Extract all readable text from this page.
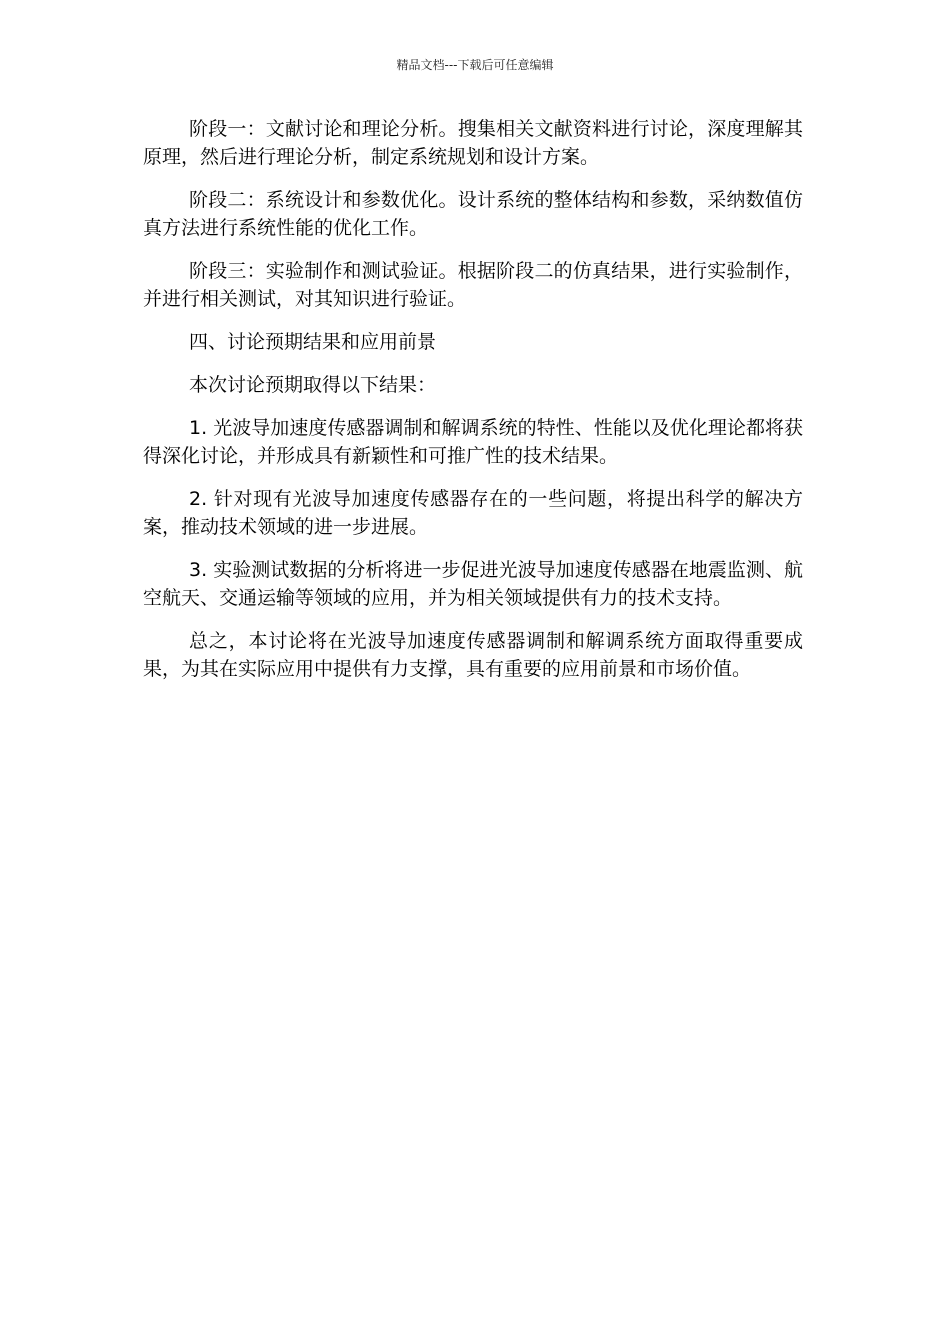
精品文档---下载后可任意编辑

阶段一：文献讨论和理论分析。搜集相关文献资料进行讨论，深度理解其原理，然后进行理论分析，制定系统规划和设计方案。

阶段二：系统设计和参数优化。设计系统的整体结构和参数，采纳数值仿真方法进行系统性能的优化工作。

阶段三：实验制作和测试验证。根据阶段二的仿真结果，进行实验制作，并进行相关测试，对其知识进行验证。

四、讨论预期结果和应用前景

本次讨论预期取得以下结果：

1. 光波导加速度传感器调制和解调系统的特性、性能以及优化理论都将获得深化讨论，并形成具有新颖性和可推广性的技术结果。

2. 针对现有光波导加速度传感器存在的一些问题，将提出科学的解决方案，推动技术领域的进一步进展。

3. 实验测试数据的分析将进一步促进光波导加速度传感器在地震监测、航空航天、交通运输等领域的应用，并为相关领域提供有力的技术支持。

总之，本讨论将在光波导加速度传感器调制和解调系统方面取得重要成果，为其在实际应用中提供有力支撑，具有重要的应用前景和市场价值。
